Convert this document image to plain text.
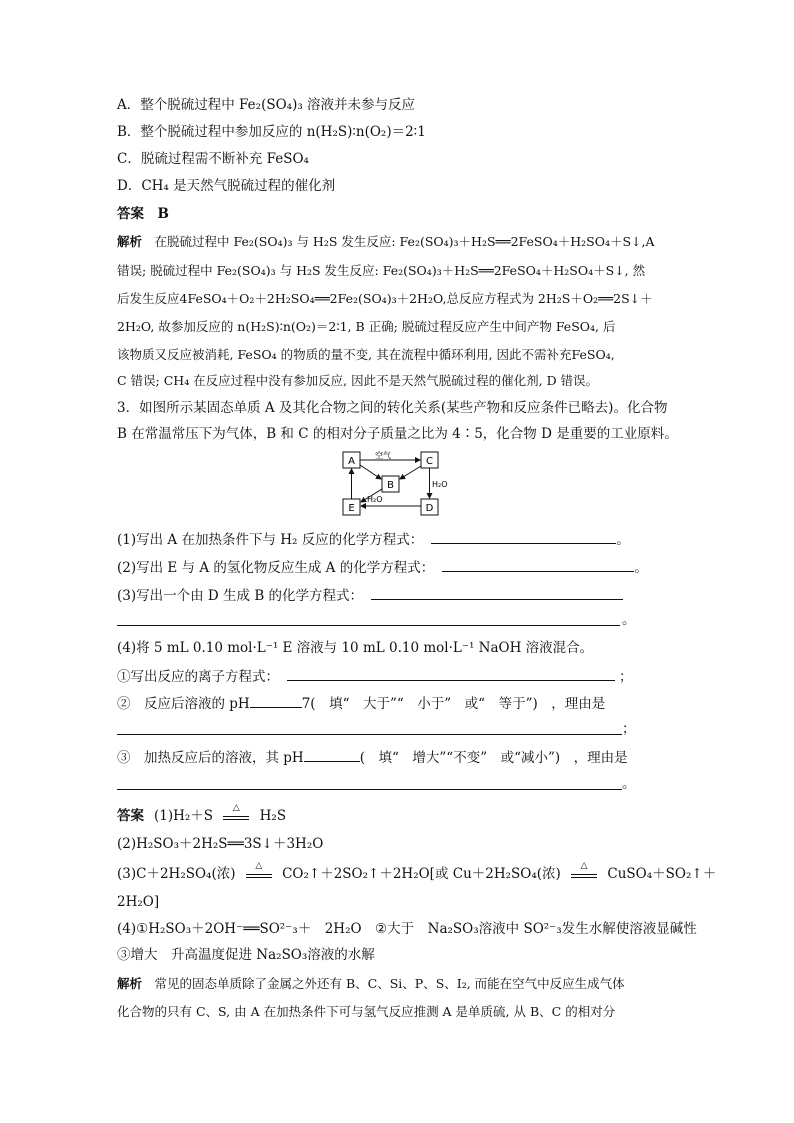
A．整个脱硫过程中 Fe₂(SO₄)₃ 溶液并未参与反应
B．整个脱硫过程中参加反应的 n(H₂S)∶n(O₂)＝2∶1
C．脱硫过程需不断补充 FeSO₄
D．CH₄ 是天然气脱硫过程的催化剂
答案　B
解析　在脱硫过程中 Fe₂(SO₄)₃ 与 H₂S 发生反应: Fe₂(SO₄)₃＋H₂S══2FeSO₄＋H₂SO₄＋S↓,A
错误; 脱硫过程中 Fe₂(SO₄)₃ 与 H₂S 发生反应: Fe₂(SO₄)₃＋H₂S══2FeSO₄＋H₂SO₄＋S↓, 然
后发生反应4FeSO₄＋O₂＋2H₂SO₄══2Fe₂(SO₄)₃＋2H₂O,总反应方程式为 2H₂S＋O₂══2S↓＋
2H₂O, 故参加反应的 n(H₂S)∶n(O₂)＝2∶1, B 正确; 脱硫过程反应产生中间产物 FeSO₄, 后
该物质又反应被消耗, FeSO₄ 的物质的量不变, 其在流程中循环利用, 因此不需补充FeSO₄,
C 错误; CH₄ 在反应过程中没有参加反应, 因此不是天然气脱硫过程的催化剂, D 错误。
3．如图所示某固态单质 A 及其化合物之间的转化关系(某些产物和反应条件已略去)。化合物
B 在常温常压下为气体，B 和 C 的相对分子质量之比为 4∶5，化合物 D 是重要的工业原料。
A	C
B
E	D
空气
H₂O
H₂O
(1)写出 A 在加热条件下与 H₂ 反应的化学方程式：	。
(2)写出 E 与 A 的氢化物反应生成 A 的化学方程式：	。
(3)写出一个由 D 生成 B 的化学方程式：
。
(4)将 5 mL 0.10 mol·L⁻¹ E 溶液与 10 mL 0.10 mol·L⁻¹ NaOH 溶液混合。
①写出反应的离子方程式：	；
②　反应后溶液的 pH	7(　填“　大于”“　小于”　或“　等于”)　，理由是
；
③　加热反应后的溶液，其 pH	(　填“　增大”“不变”　或“减小”)　，理由是
。
答案 (1)H₂＋S	△	H₂S
(2)H₂SO₃＋2H₂S══3S↓＋3H₂O
(3)C＋2H₂SO₄(浓)	△	CO₂↑＋2SO₂↑＋2H₂O[或 Cu＋2H₂SO₄(浓)	△	CuSO₄＋SO₂↑＋
2H₂O]
(4)①H₂SO₃＋2OH⁻══SO²⁻₃＋　2H₂O　②大于　Na₂SO₃溶液中 SO²⁻₃发生水解使溶液显碱性
③增大　升高温度促进 Na₂SO₃溶液的水解
解析　常见的固态单质除了金属之外还有 B、C、Si、P、S、I₂, 而能在空气中反应生成气体
化合物的只有 C、S, 由 A 在加热条件下可与氢气反应推测 A 是单质硫, 从 B、C 的相对分
